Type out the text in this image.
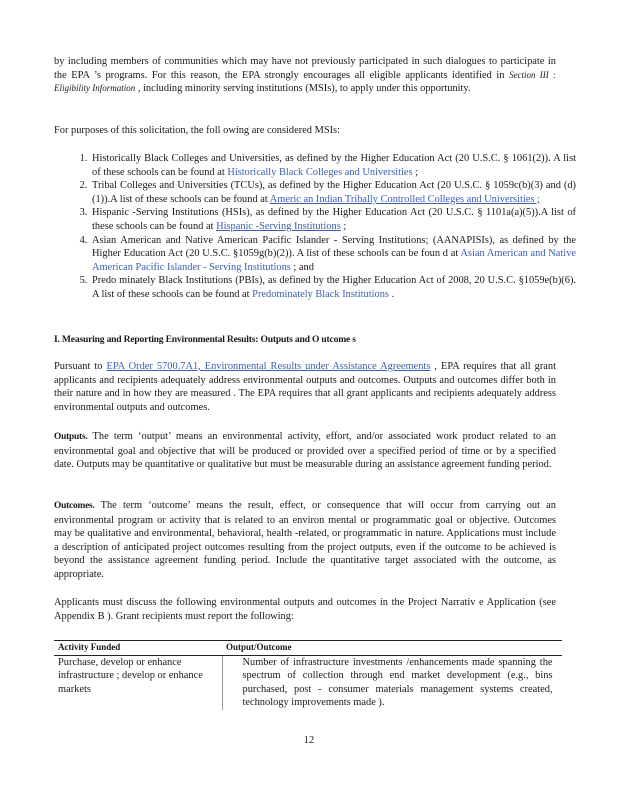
by including members of communities which may have not previously participated in such dialogues to participate in the EPA ’s programs. For this reason, the EPA strongly encourages all eligible applicants identified in Section III : Eligibility Information , including minority serving institutions (MSIs), to apply under this opportunity.

For purposes of this solicitation, the foll owing are considered MSIs:

1. Historically Black Colleges and Universities, as defined by the Higher Education Act (20 U.S.C. § 1061(2)). A list of these schools can be found at Historically Black Colleges and Universities ;
2. Tribal Colleges and Universities (TCUs), as defined by the Higher Education Act (20 U.S.C. § 1059c(b)(3) and (d)(1)).A list of these schools can be found at Americ an Indian Tribally Controlled Colleges and Universities ;
3. Hispanic -Serving Institutions (HSIs), as defined by the Higher Education Act (20 U.S.C. § 1101a(a)(5)).A list of these schools can be found at Hispanic -Serving Institutions ;
4. Asian American and Native American Pacific Islander - Serving Institutions; (AANAPISIs), as defined by the Higher Education Act (20 U.S.C. §1059g(b)(2)). A list of these schools can be foun d at Asian American and Native American Pacific Islander - Serving Institutions ; and
5. Predo minately Black Institutions (PBIs), as defined by the Higher Education Act of 2008, 20 U.S.C. §1059e(b)(6). A list of these schools can be found at Predominately Black Institutions .
I. Measuring and Reporting Environmental Results: Outputs and O utcome s

Pursuant to EPA Order 5700.7A1, Environmental Results under Assistance Agreements , EPA requires that all grant applicants and recipients adequately address environmental outputs and outcomes. Outputs and outcomes differ both in their nature and in how they are measured . The EPA requires that all grant applicants and recipients adequately address environmental outputs and outcomes.

Outputs. The term ‘output’ means an environmental activity, effort, and/or associated work product related to an environmental goal and objective that will be produced or provided over a specified period of time or by a specified date. Outputs may be quantitative or qualitative but must be measurable during an assistance agreement funding period.

Outcomes. The term ‘outcome’ means the result, effect, or consequence that will occur from carrying out an environmental program or activity that is related to an environ mental or programmatic goal or objective. Outcomes may be qualitative and environmental, behavioral, health -related, or programmatic in nature. Applications must include a description of anticipated project outcomes resulting from the project outputs, even if the outcome to be achieved is beyond the assistance agreement funding period. Include the quantitative target associated with the outcome, as appropriate.

Applicants must discuss the following environmental outputs and outcomes in the Project Narrativ e Application (see Appendix B ). Grant recipients must report the following:

Activity Funded	Output/Outcome
Purchase, develop or enhance infrastructure ; develop or enhance markets	Number of infrastructure investments /enhancements made spanning the spectrum of collection through end market development (e.g., bins purchased, post - consumer materials management systems created, technology improvements made ).
12
